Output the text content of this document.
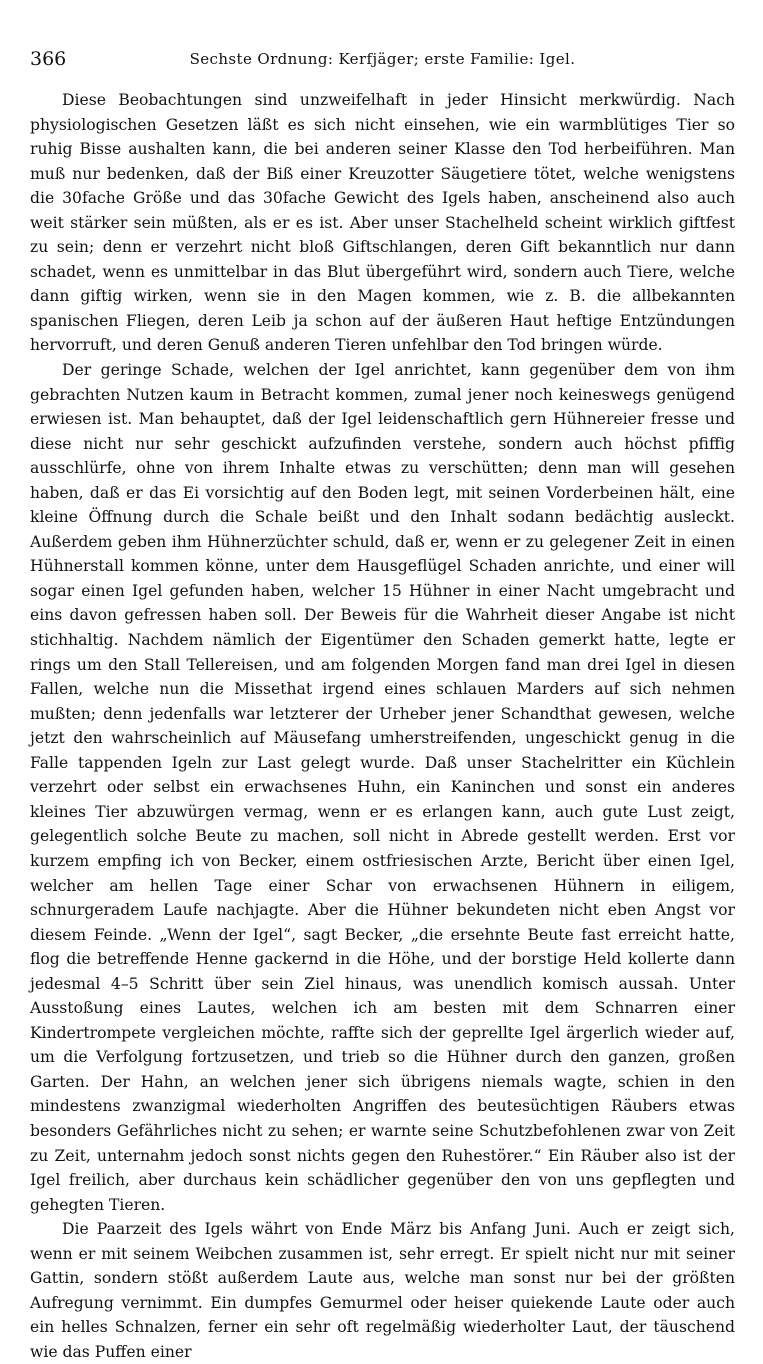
366	Sechste Ordnung: Kerfjäger; erste Familie: Igel.

Diese Beobachtungen sind unzweifelhaft in jeder Hinsicht merkwürdig. Nach physiologischen Gesetzen läßt es sich nicht einsehen, wie ein warmblütiges Tier so ruhig Bisse aushalten kann, die bei anderen seiner Klasse den Tod herbeiführen. Man muß nur bedenken, daß der Biß einer Kreuzotter Säugetiere tötet, welche wenigstens die 30fache Größe und das 30fache Gewicht des Igels haben, anscheinend also auch weit stärker sein müßten, als er es ist. Aber unser Stachelheld scheint wirklich giftfest zu sein; denn er verzehrt nicht bloß Giftschlangen, deren Gift bekanntlich nur dann schadet, wenn es unmittelbar in das Blut übergeführt wird, sondern auch Tiere, welche dann giftig wirken, wenn sie in den Magen kommen, wie z. B. die allbekannten spanischen Fliegen, deren Leib ja schon auf der äußeren Haut heftige Entzündungen hervorruft, und deren Genuß anderen Tieren unfehlbar den Tod bringen würde.

Der geringe Schade, welchen der Igel anrichtet, kann gegenüber dem von ihm gebrachten Nutzen kaum in Betracht kommen, zumal jener noch keineswegs genügend erwiesen ist. Man behauptet, daß der Igel leidenschaftlich gern Hühnereier fresse und diese nicht nur sehr geschickt aufzufinden verstehe, sondern auch höchst pfiffig ausschlürfe, ohne von ihrem Inhalte etwas zu verschütten; denn man will gesehen haben, daß er das Ei vorsichtig auf den Boden legt, mit seinen Vorderbeinen hält, eine kleine Öffnung durch die Schale beißt und den Inhalt sodann bedächtig ausleckt. Außerdem geben ihm Hühnerzüchter schuld, daß er, wenn er zu gelegener Zeit in einen Hühnerstall kommen könne, unter dem Hausgeflügel Schaden anrichte, und einer will sogar einen Igel gefunden haben, welcher 15 Hühner in einer Nacht umgebracht und eins davon gefressen haben soll. Der Beweis für die Wahrheit dieser Angabe ist nicht stichhaltig. Nachdem nämlich der Eigentümer den Schaden gemerkt hatte, legte er rings um den Stall Tellereisen, und am folgenden Morgen fand man drei Igel in diesen Fallen, welche nun die Missethat irgend eines schlauen Marders auf sich nehmen mußten; denn jedenfalls war letzterer der Urheber jener Schandthat gewesen, welche jetzt den wahrscheinlich auf Mäusefang umherstreifenden, ungeschickt genug in die Falle tappenden Igeln zur Last gelegt wurde. Daß unser Stachelritter ein Küchlein verzehrt oder selbst ein erwachsenes Huhn, ein Kaninchen und sonst ein anderes kleines Tier abzuwürgen vermag, wenn er es erlangen kann, auch gute Lust zeigt, gelegentlich solche Beute zu machen, soll nicht in Abrede gestellt werden. Erst vor kurzem empfing ich von Becker, einem ostfriesischen Arzte, Bericht über einen Igel, welcher am hellen Tage einer Schar von erwachsenen Hühnern in eiligem, schnurgeradem Laufe nachjagte. Aber die Hühner bekundeten nicht eben Angst vor diesem Feinde. „Wenn der Igel“, sagt Becker, „die ersehnte Beute fast erreicht hatte, flog die betreffende Henne gackernd in die Höhe, und der borstige Held kollerte dann jedesmal 4–5 Schritt über sein Ziel hinaus, was unendlich komisch aussah. Unter Ausstoßung eines Lautes, welchen ich am besten mit dem Schnarren einer Kindertrompete vergleichen möchte, raffte sich der geprellte Igel ärgerlich wieder auf, um die Verfolgung fortzusetzen, und trieb so die Hühner durch den ganzen, großen Garten. Der Hahn, an welchen jener sich übrigens niemals wagte, schien in den mindestens zwanzigmal wiederholten Angriffen des beutesüchtigen Räubers etwas besonders Gefährliches nicht zu sehen; er warnte seine Schutzbefohlenen zwar von Zeit zu Zeit, unternahm jedoch sonst nichts gegen den Ruhestörer.“ Ein Räuber also ist der Igel freilich, aber durchaus kein schädlicher gegenüber den von uns gepflegten und gehegten Tieren.

Die Paarzeit des Igels währt von Ende März bis Anfang Juni. Auch er zeigt sich, wenn er mit seinem Weibchen zusammen ist, sehr erregt. Er spielt nicht nur mit seiner Gattin, sondern stößt außerdem Laute aus, welche man sonst nur bei der größten Aufregung vernimmt. Ein dumpfes Gemurmel oder heiser quiekende Laute oder auch ein helles Schnalzen, ferner ein sehr oft regelmäßig wiederholter Laut, der täuschend wie das Puffen einer
